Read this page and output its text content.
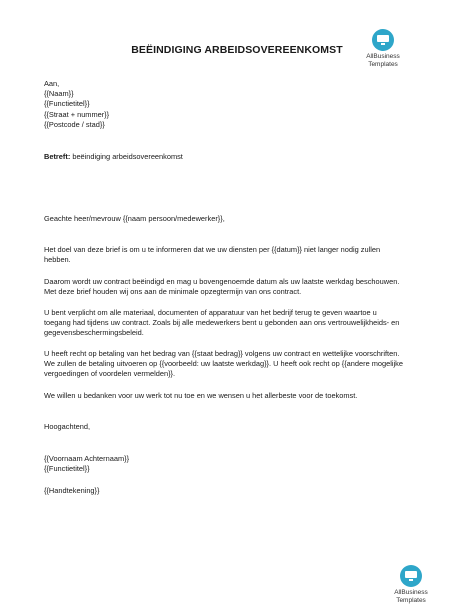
BEËINDIGING ARBEIDSOVEREENKOMST
AllBusiness
Templates
Aan,
{{Naam}}
{{Functietitel}}
{{Straat + nummer}}
{{Postcode / stad}}
Betreft: beëindiging arbeidsovereenkomst
Geachte heer/mevrouw {{naam persoon/medewerker}},
Het doel van deze brief is om u te informeren dat we uw diensten per {{datum}} niet langer nodig zullen
hebben.
Daarom wordt uw contract beëindigd en mag u bovengenoemde datum als uw laatste werkdag beschouwen.
Met deze brief houden wij ons aan de minimale opzegtermijn van ons contract.
U bent verplicht om alle materiaal, documenten of apparatuur van het bedrijf terug te geven waartoe u
toegang had tijdens uw contract. Zoals bij alle medewerkers bent u gebonden aan ons vertrouwelijkheids- en
gegevensbeschermingsbeleid.
U heeft recht op betaling van het bedrag van {{staat bedrag}} volgens uw contract en wettelijke voorschriften.
We zullen de betaling uitvoeren op {{voorbeeld: uw laatste werkdag}}. U heeft ook recht op {{andere mogelijke
vergoedingen of voordelen vermelden}}.
We willen u bedanken voor uw werk tot nu toe en we wensen u het allerbeste voor de toekomst.
Hoogachtend,
{{Voornaam Achternaam}}
{{Functietitel}}
{{Handtekening}}
AllBusiness
Templates
